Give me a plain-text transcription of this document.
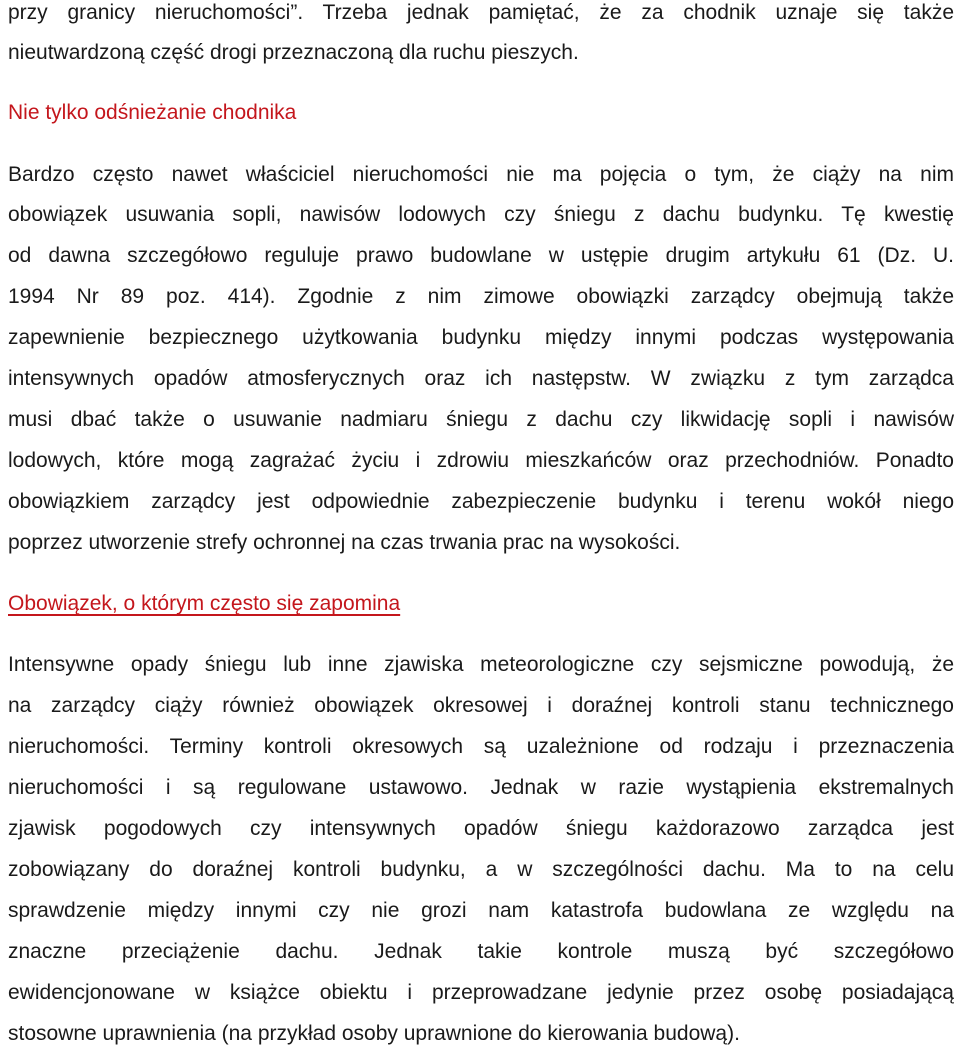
przy granicy nieruchomości”. Trzeba jednak pamiętać, że za chodnik uznaje się także
nieutwardzoną część drogi przeznaczoną dla ruchu pieszych.
Nie tylko odśnieżanie chodnika
Bardzo często nawet właściciel nieruchomości nie ma pojęcia o tym, że ciąży na nim
obowiązek usuwania sopli, nawisów lodowych czy śniegu z dachu budynku. Tę kwestię
od dawna szczegółowo reguluje prawo budowlane w ustępie drugim artykułu 61 (Dz. U.
1994 Nr 89 poz. 414). Zgodnie z nim zimowe obowiązki zarządcy obejmują także
zapewnienie bezpiecznego użytkowania budynku między innymi podczas występowania
intensywnych opadów atmosferycznych oraz ich następstw. W związku z tym zarządca
musi dbać także o usuwanie nadmiaru śniegu z dachu czy likwidację sopli i nawisów
lodowych, które mogą zagrażać życiu i zdrowiu mieszkańców oraz przechodniów. Ponadto
obowiązkiem zarządcy jest odpowiednie zabezpieczenie budynku i terenu wokół niego
poprzez utworzenie strefy ochronnej na czas trwania prac na wysokości.
Obowiązek, o którym często się zapomina
Intensywne opady śniegu lub inne zjawiska meteorologiczne czy sejsmiczne powodują, że
na zarządcy ciąży również obowiązek okresowej i doraźnej kontroli stanu technicznego
nieruchomości. Terminy kontroli okresowych są uzależnione od rodzaju i przeznaczenia
nieruchomości i są regulowane ustawowo. Jednak w razie wystąpienia ekstremalnych
zjawisk pogodowych czy intensywnych opadów śniegu każdorazowo zarządca jest
zobowiązany do doraźnej kontroli budynku, a w szczególności dachu. Ma to na celu
sprawdzenie między innymi czy nie grozi nam katastrofa budowlana ze względu na
znaczne przeciążenie dachu. Jednak takie kontrole muszą być szczegółowo
ewidencjonowane w książce obiektu i przeprowadzane jedynie przez osobę posiadającą
stosowne uprawnienia (na przykład osoby uprawnione do kierowania budową).
